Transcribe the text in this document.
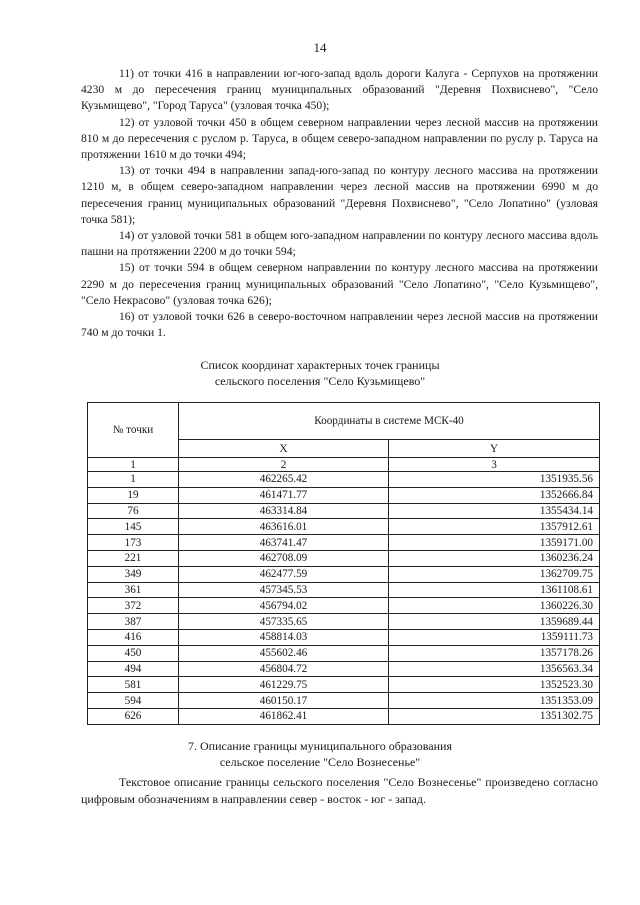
14

11) от точки 416 в направлении юг-юго-запад вдоль дороги Калуга - Серпухов на протяжении 4230 м до пересечения границ муниципальных образований "Деревня Похвиснево", "Село Кузьмищево", "Город Таруса" (узловая точка 450);

12) от узловой точки 450 в общем северном направлении через лесной массив на протяжении 810 м до пересечения с руслом р. Таруса, в общем северо-западном направлении по руслу р. Таруса на протяжении 1610 м до точки 494;

13) от точки 494 в направлении запад-юго-запад по контуру лесного массива на протяжении 1210 м, в общем северо-западном направлении через лесной массив на протяжении 6990 м до пересечения границ муниципальных образований "Деревня Похвиснево", "Село Лопатино" (узловая точка 581);

14) от узловой точки 581 в общем юго-западном направлении по контуру лесного массива вдоль пашни на протяжении 2200 м до точки 594;

15) от точки 594 в общем северном направлении по контуру лесного массива на протяжении 2290 м до пересечения границ муниципальных образований "Село Лопатино", "Село Кузьмищево", "Село Некрасово" (узловая точка 626);

16) от узловой точки 626 в северо-восточном направлении через лесной массив на протяжении 740 м до точки 1.

Список координат характерных точек границы
сельского поселения "Село Кузьмищево"
№ точки	Координаты в системе МСК-40	
	X	Y
1	2	3
1	462265.42	1351935.56
19	461471.77	1352666.84
76	463314.84	1355434.14
145	463616.01	1357912.61
173	463741.47	1359171.00
221	462708.09	1360236.24
349	462477.59	1362709.75
361	457345.53	1361108.61
372	456794.02	1360226.30
387	457335.65	1359689.44
416	458814.03	1359111.73
450	455602.46	1357178.26
494	456804.72	1356563.34
581	461229.75	1352523.30
594	460150.17	1351353.09
626	461862.41	1351302.75
7. Описание границы муниципального образования
сельское поселение "Село Вознесенье"
Текстовое описание границы сельского поселения "Село Вознесенье" произведено согласно цифровым обозначениям в направлении север - восток - юг - запад.
